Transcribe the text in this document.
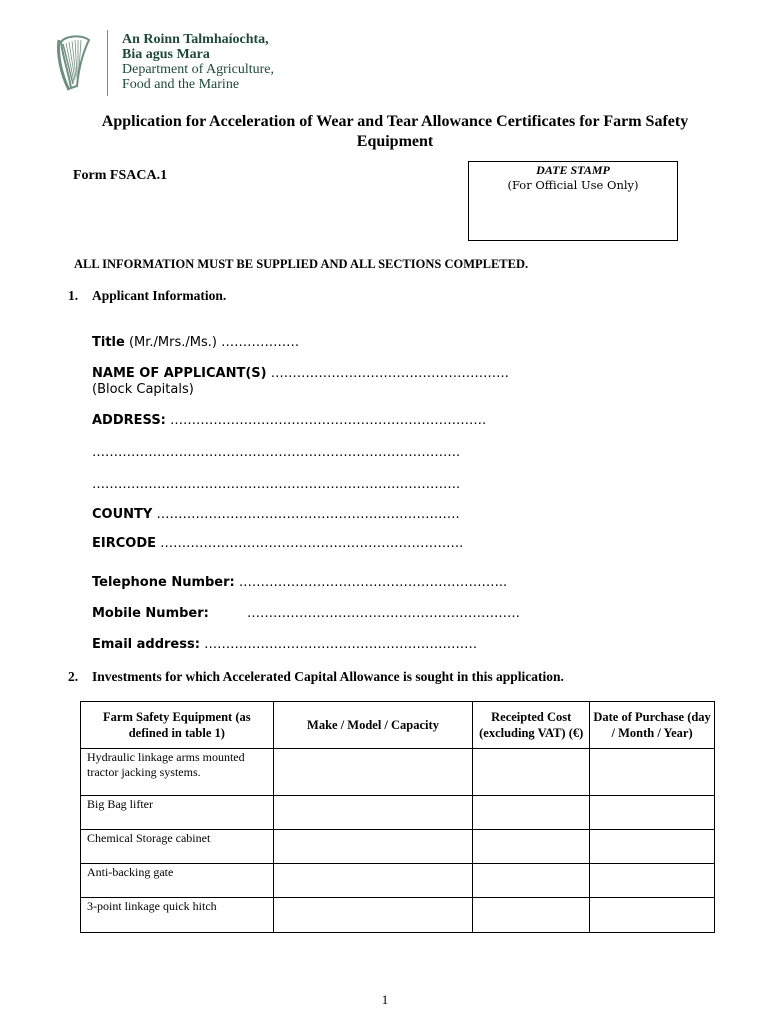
An Roinn Talmhaíochta,
Bia agus Mara
Department of Agriculture,
Food and the Marine
Application for Acceleration of Wear and Tear Allowance Certificates for Farm Safety Equipment
Form FSACA.1	DATE STAMP
(For Official Use Only)
ALL INFORMATION MUST BE SUPPLIED AND ALL SECTIONS COMPLETED.
1. Applicant Information.
Title (Mr./Mrs./Ms.) ………………
NAME OF APPLICANT(S) ……………………………………………….
(Block Capitals)
ADDRESS: ……………………………………………………………….
………………………………………………………………………….
………………………………………………………………………….
COUNTY …………………………………………………………….
EIRCODE …………………………………………………………….
Telephone Number: ……………………………………………………..
Mobile Number:	………………………………………………………
Email address: ………………………………………………………
2. Investments for which Accelerated Capital Allowance is sought in this application.
Farm Safety Equipment (as defined in table 1)	Make / Model / Capacity	Receipted Cost (excluding VAT) (€)	Date of Purchase (day / Month / Year)
Hydraulic linkage arms mounted tractor jacking systems.			
Big Bag lifter			
Chemical Storage cabinet			
Anti-backing gate			
3-point linkage quick hitch			
1
